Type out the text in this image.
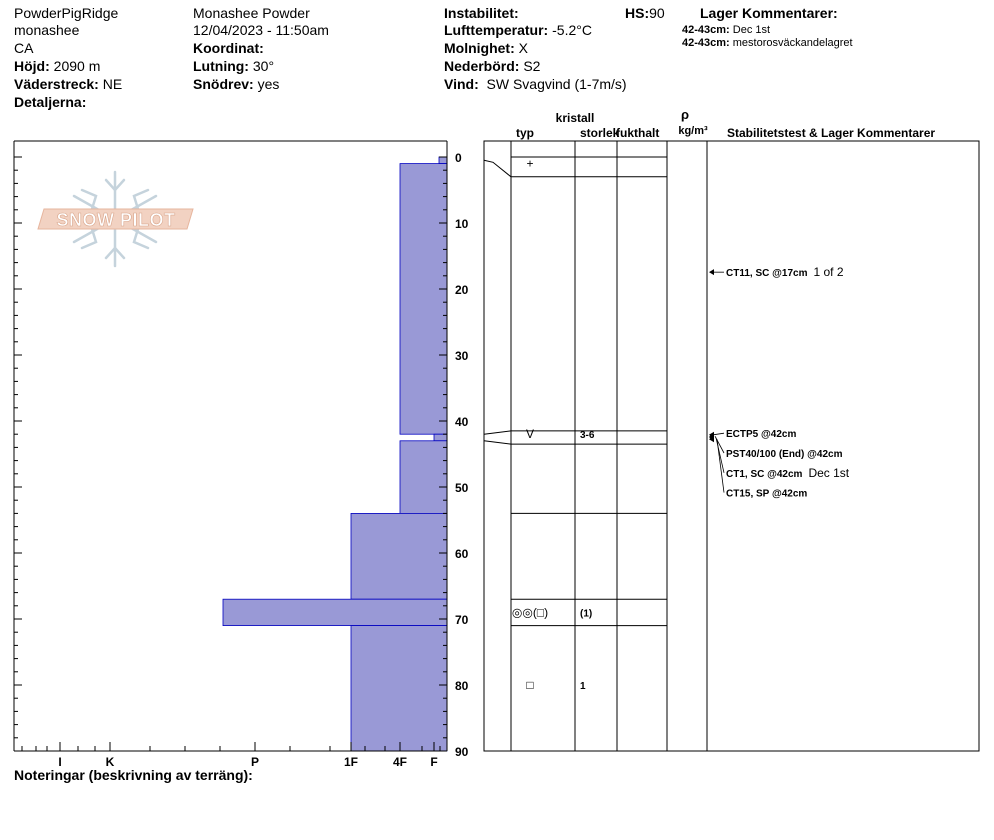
PowderPigRidge
monashee
CA
Höjd: 2090 m
Väderstreck: NE
Detaljerna:
Monashee Powder
12/04/2023 - 11:50am
Koordinat:
Lutning: 30°
Snödrev: yes
Instabilitet:	HS:90
Lufttemperatur: -5.2°C
Molnighet: X
Nederbörd: S2
Vind: SW Svagvind (1-7m/s)
Lager Kommentarer:
42-43cm: Dec 1st
42-43cm: mestorosväckandelagret
Noteringar (beskrivning av terräng):
SNOW PILOT
0
10
20
30
40
50
60
70
80
90
I	K	P	1F	4F F
typ
kristall
storlek
fukthalt	Stabilitetstest & Lager Kommentarer
ρ
kg/m³
+
V	3-6
◎◎(□)	(1)
□	1
CT11, SC @17cm 1 of 2
ECTP5 @42cm
PST40/100 (End) @42cm
CT1, SC @42cm Dec 1st
CT15, SP @42cm
